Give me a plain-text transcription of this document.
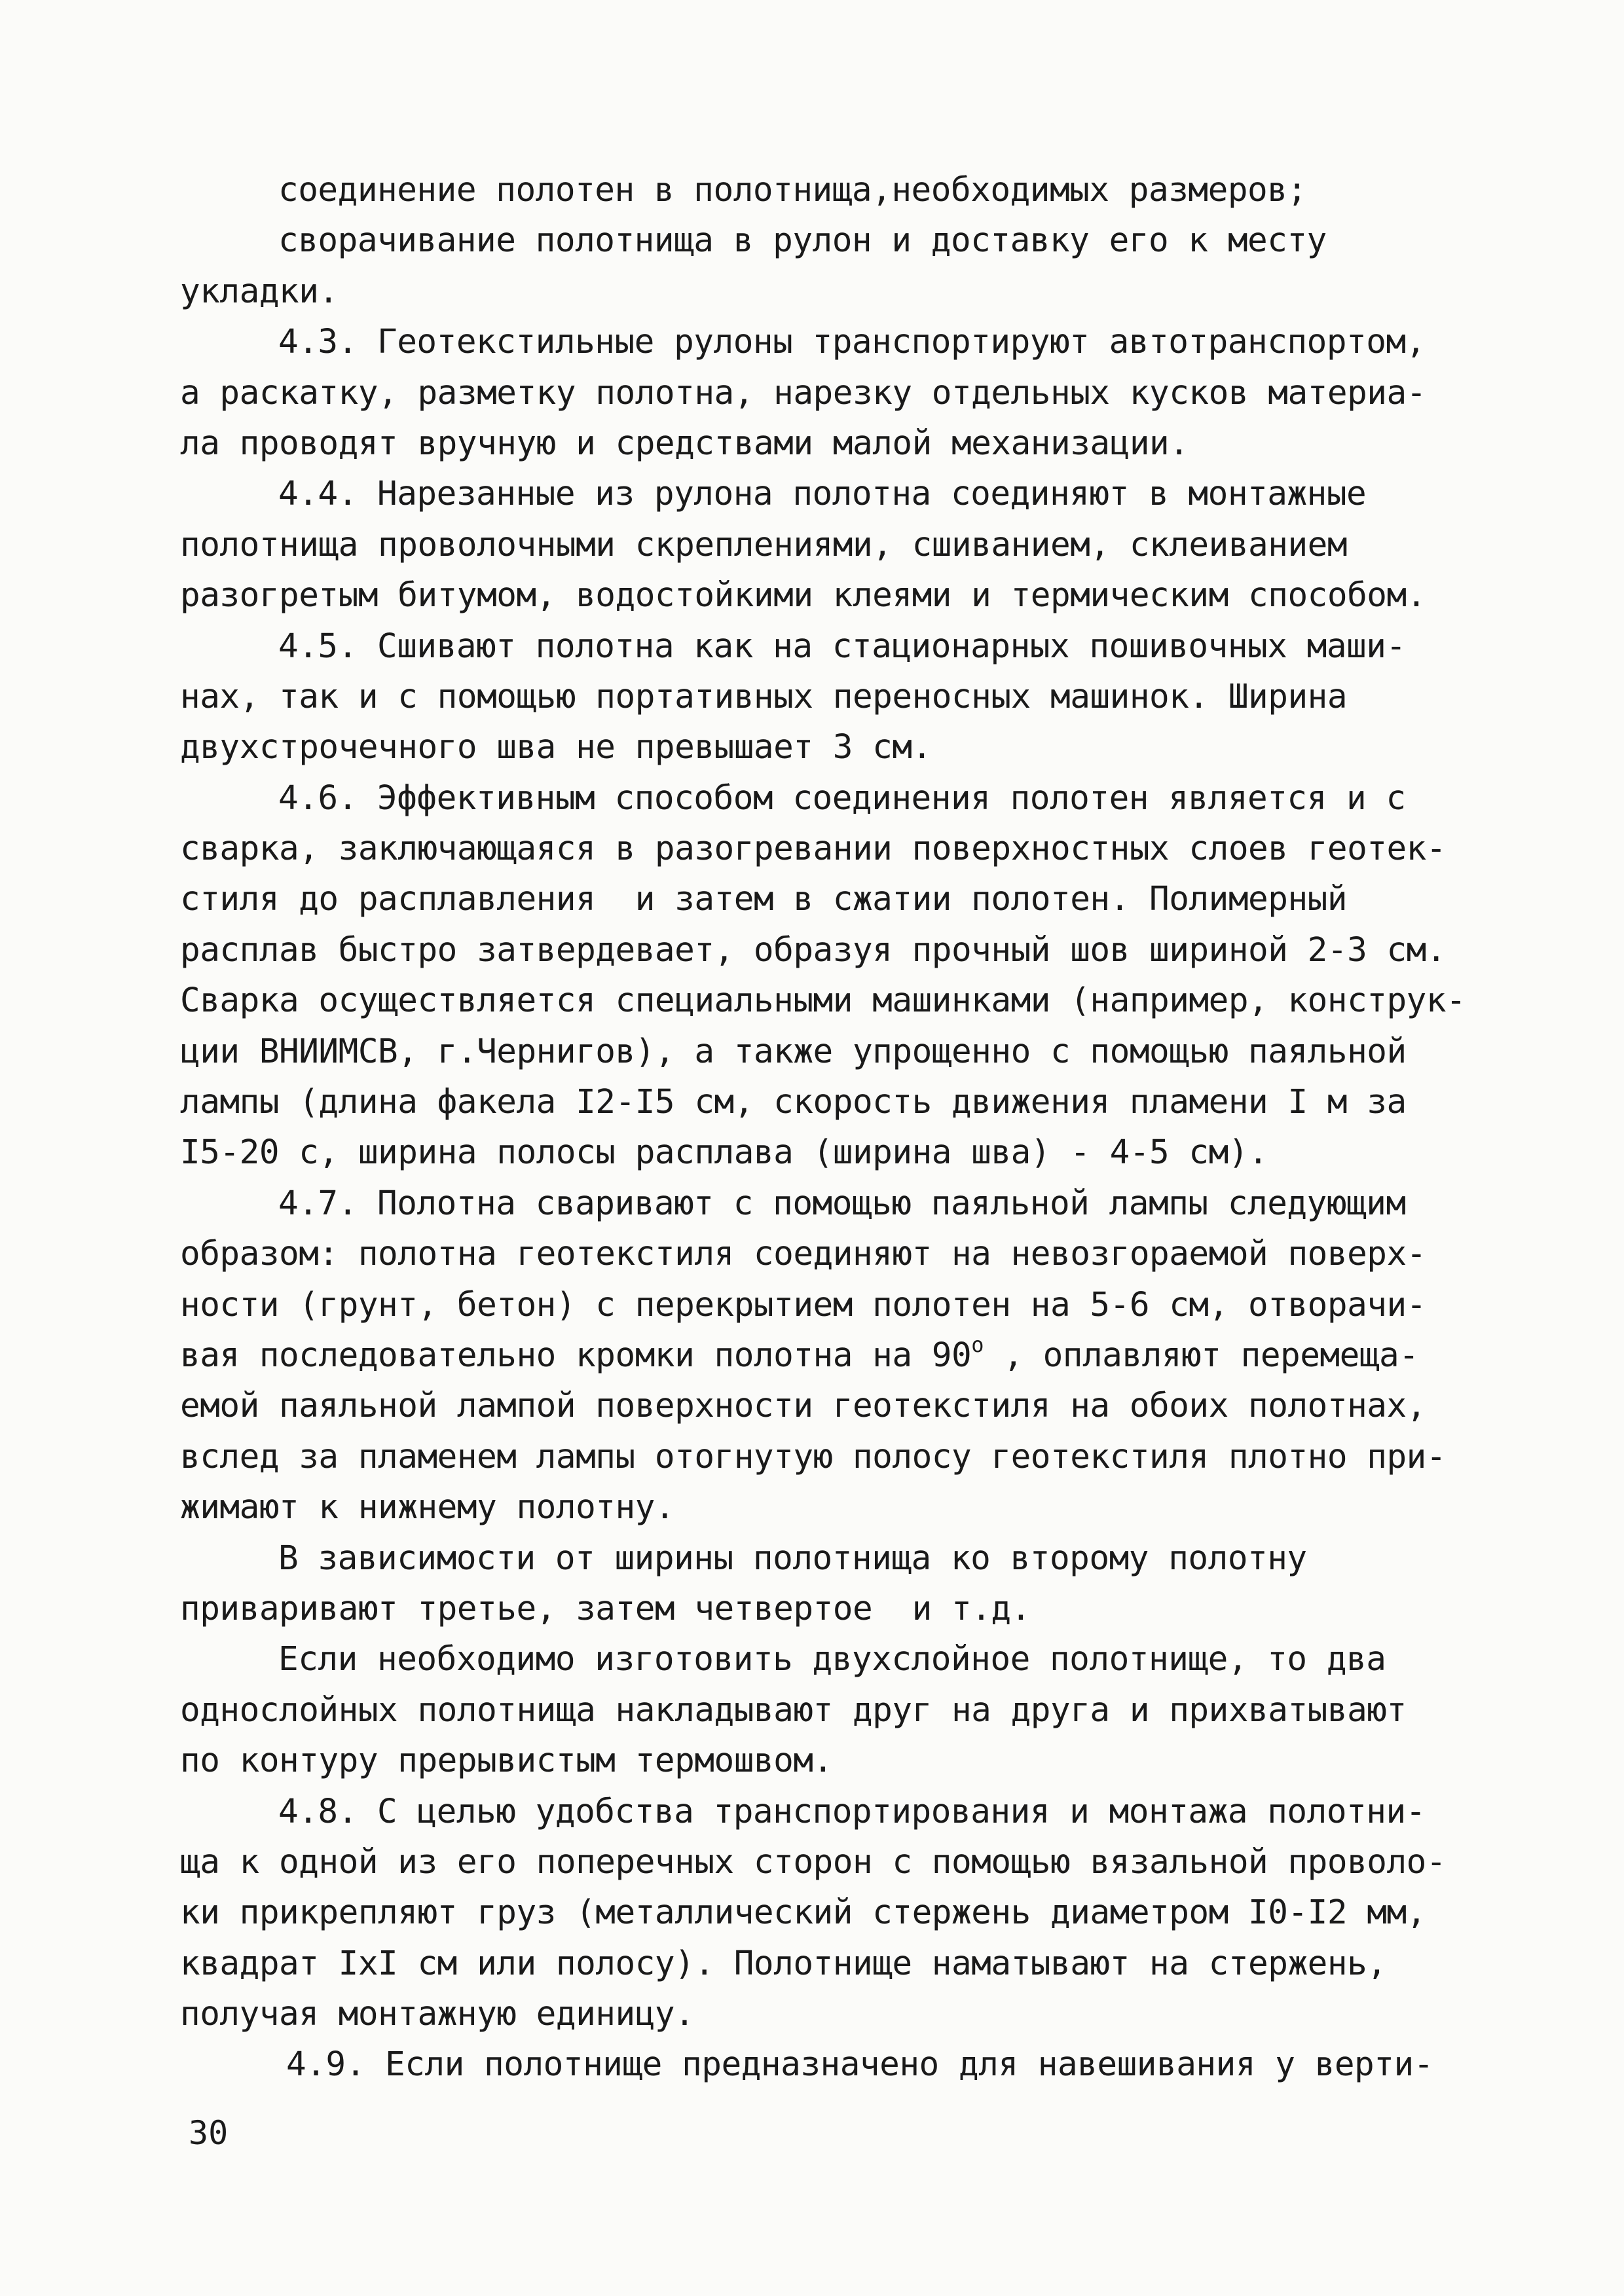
соединение полотен в полотнища,необходимых размеров;
сворачивание полотнища в рулон и доставку его к месту
укладки.
4.3. Геотекстильные рулоны транспортируют автотранспортом,
а раскатку, разметку полотна, нарезку отдельных кусков материа-
ла проводят вручную и средствами малой механизации.
4.4. Нарезанные из рулона полотна соединяют в монтажные
полотнища проволочными скреплениями, сшиванием, склеиванием
разогретым битумом, водостойкими клеями и термическим способом.
4.5. Сшивают полотна как на стационарных пошивочных маши-
нах, так и с помощью портативных переносных машинок. Ширина
двухстрочечного шва не превышает 3 см.
4.6. Эффективным способом соединения полотен является и с
сварка, заключающаяся в разогревании поверхностных слоев геотек-
стиля до расплавления  и затем в сжатии полотен. Полимерный
расплав быстро затвердевает, образуя прочный шов шириной 2-3 см.
Сварка осуществляется специальными машинками (например, конструк-
ции ВНИИМСВ, г.Чернигов), а также упрощенно с помощью паяльной
лампы (длина факела I2-I5 см, скорость движения пламени I м за
I5-20 с, ширина полосы расплава (ширина шва) - 4-5 см).
4.7. Полотна сваривают с помощью паяльной лампы следующим
образом: полотна геотекстиля соединяют на невозгораемой поверх-
ности (грунт, бетон) с перекрытием полотен на 5-6 см, отворачи-
вая последовательно кромки полотна на $90^о$ , оплавляют перемеща-
емой паяльной лампой поверхности геотекстиля на обоих полотнах,
вслед за пламенем лампы отогнутую полосу геотекстиля плотно при-
жимают к нижнему полотну.
В зависимости от ширины полотнища ко второму полотну
приваривают третье, затем четвертое  и т.д.
Если необходимо изготовить двухслойное полотнище, то два
однослойных полотнища накладывают друг на друга и прихватывают
по контуру прерывистым термошвом.
4.8. С целью удобства транспортирования и монтажа полотни-
ща к одной из его поперечных сторон с помощью вязальной проволо-
ки прикрепляют груз (металлический стержень диаметром I0-I2 мм,
квадрат IxI см или полосу). Полотнище наматывают на стержень,
получая монтажную единицу.
4.9. Если полотнище предназначено для навешивания у верти-
30
